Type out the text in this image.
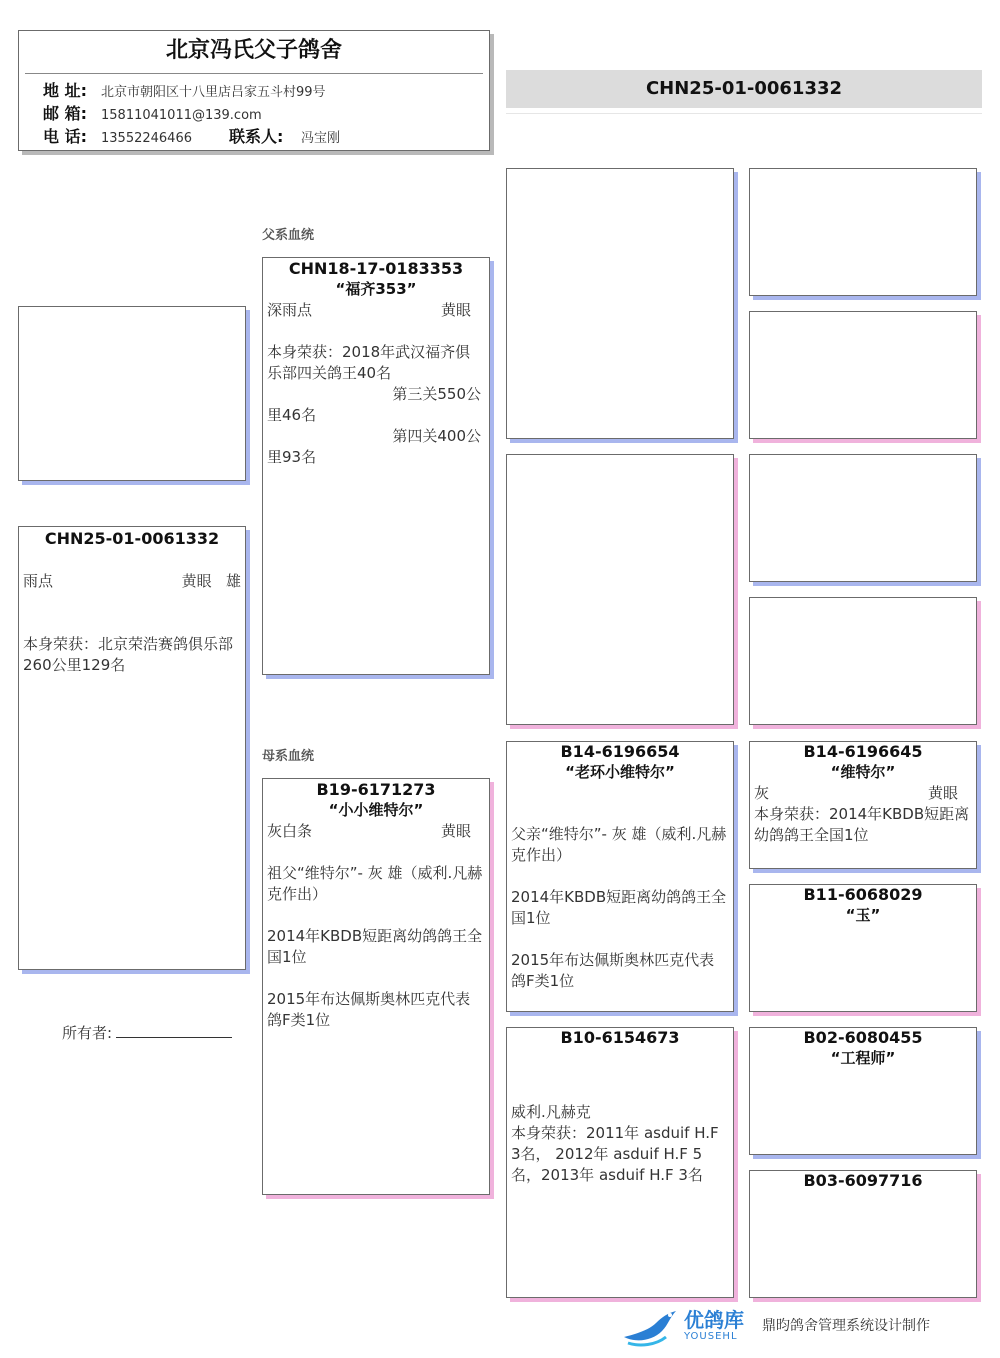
北京冯氏父子鸽舍
地 址:	北京市朝阳区十八里店吕家五斗村99号
邮 箱:	15811041011@139.com
电 话:	13552246466	联系人:	冯宝刚
CHN25-01-0061332
CHN25-01-0061332
雨点	黄眼 雄
本身荣获：北京荣浩赛鸽俱乐部260公里129名
所有者:
父系血统
母系血统
CHN18-17-0183353
“福齐353”
深雨点	黄眼
本身荣获：2018年武汉福齐俱乐部四关鸽王40名
第三关550公
里46名
第四关400公
里93名
B19-6171273
“小小维特尔”
灰白条	黄眼
祖父“维特尔”- 灰 雄（威利.凡赫克作出）
2014年KBDB短距离幼鸽鸽王全国1位
2015年布达佩斯奥林匹克代表鸽F类1位
B14-6196654
“老环小维特尔”
父亲“维特尔”- 灰 雄（威利.凡赫克作出）
2014年KBDB短距离幼鸽鸽王全国1位
2015年布达佩斯奥林匹克代表鸽F类1位
B10-6154673
威利.凡赫克
本身荣获：2011年 asduif H.F 3名， 2012年 asduif H.F 5名，2013年 asduif H.F 3名
B14-6196645
“维特尔”
灰	黄眼
本身荣获：2014年KBDB短距离幼鸽鸽王全国1位
B11-6068029
“玉”
B02-6080455
“工程师”
B03-6097716
优鸽库
YOUSEHL
鼎昀鸽舍管理系统设计制作
